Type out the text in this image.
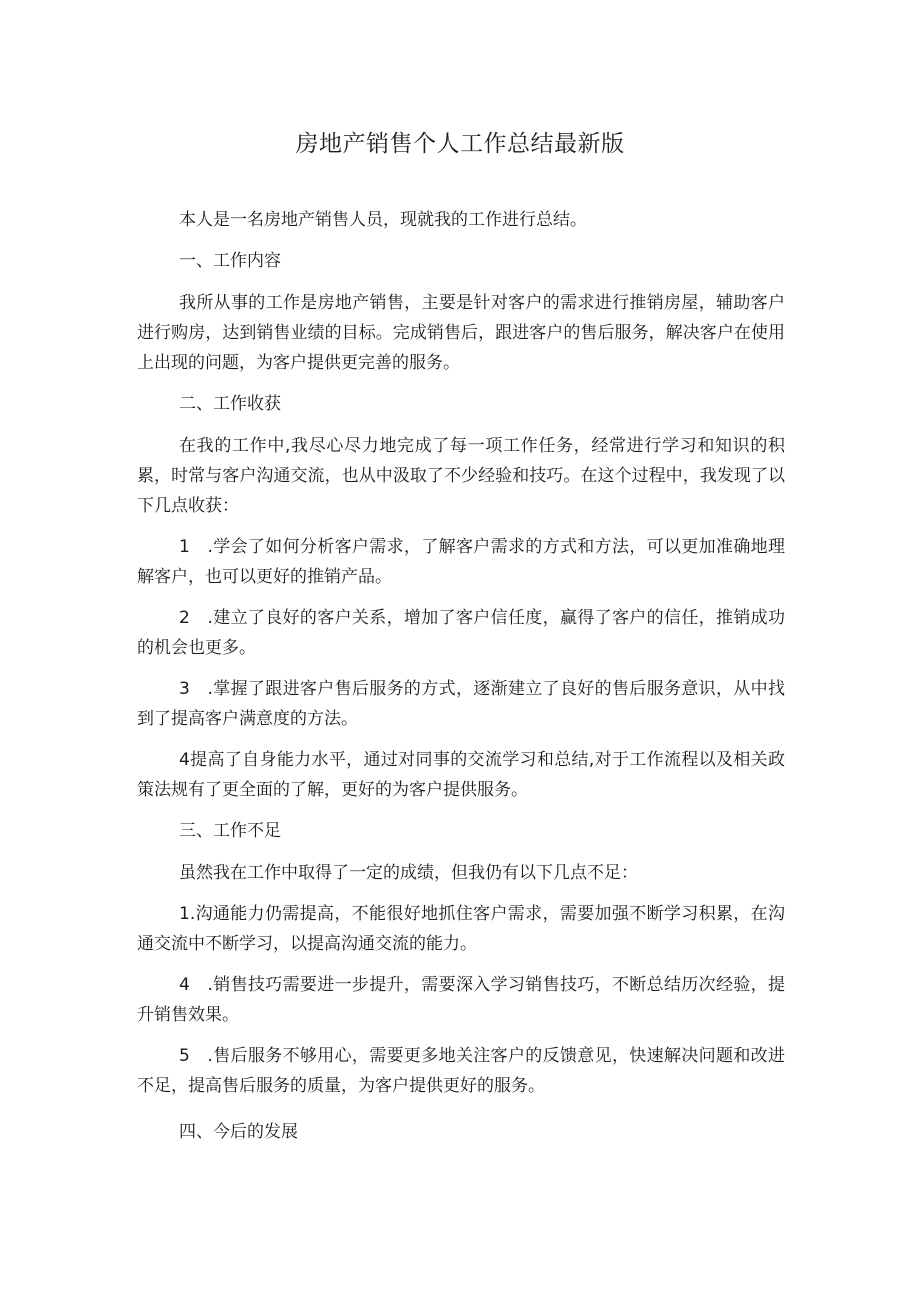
房地产销售个人工作总结最新版

本人是一名房地产销售人员，现就我的工作进行总结。

一、工作内容

我所从事的工作是房地产销售，主要是针对客户的需求进行推销房屋，辅助客户进行购房，达到销售业绩的目标。完成销售后，跟进客户的售后服务，解决客户在使用上出现的问题，为客户提供更完善的服务。

二、工作收获

在我的工作中,我尽心尽力地完成了每一项工作任务，经常进行学习和知识的积累，时常与客户沟通交流，也从中汲取了不少经验和技巧。在这个过程中，我发现了以下几点收获：

1　.学会了如何分析客户需求，了解客户需求的方式和方法，可以更加准确地理解客户，也可以更好的推销产品。

2　.建立了良好的客户关系，增加了客户信任度，赢得了客户的信任，推销成功的机会也更多。

3　.掌握了跟进客户售后服务的方式，逐渐建立了良好的售后服务意识，从中找到了提高客户满意度的方法。

4提高了自身能力水平，通过对同事的交流学习和总结,对于工作流程以及相关政策法规有了更全面的了解，更好的为客户提供服务。

三、工作不足

虽然我在工作中取得了一定的成绩，但我仍有以下几点不足：

1.沟通能力仍需提高，不能很好地抓住客户需求，需要加强不断学习积累，在沟通交流中不断学习，以提高沟通交流的能力。

4　.销售技巧需要进一步提升，需要深入学习销售技巧，不断总结历次经验，提升销售效果。

5　.售后服务不够用心，需要更多地关注客户的反馈意见，快速解决问题和改进不足，提高售后服务的质量，为客户提供更好的服务。

四、今后的发展
